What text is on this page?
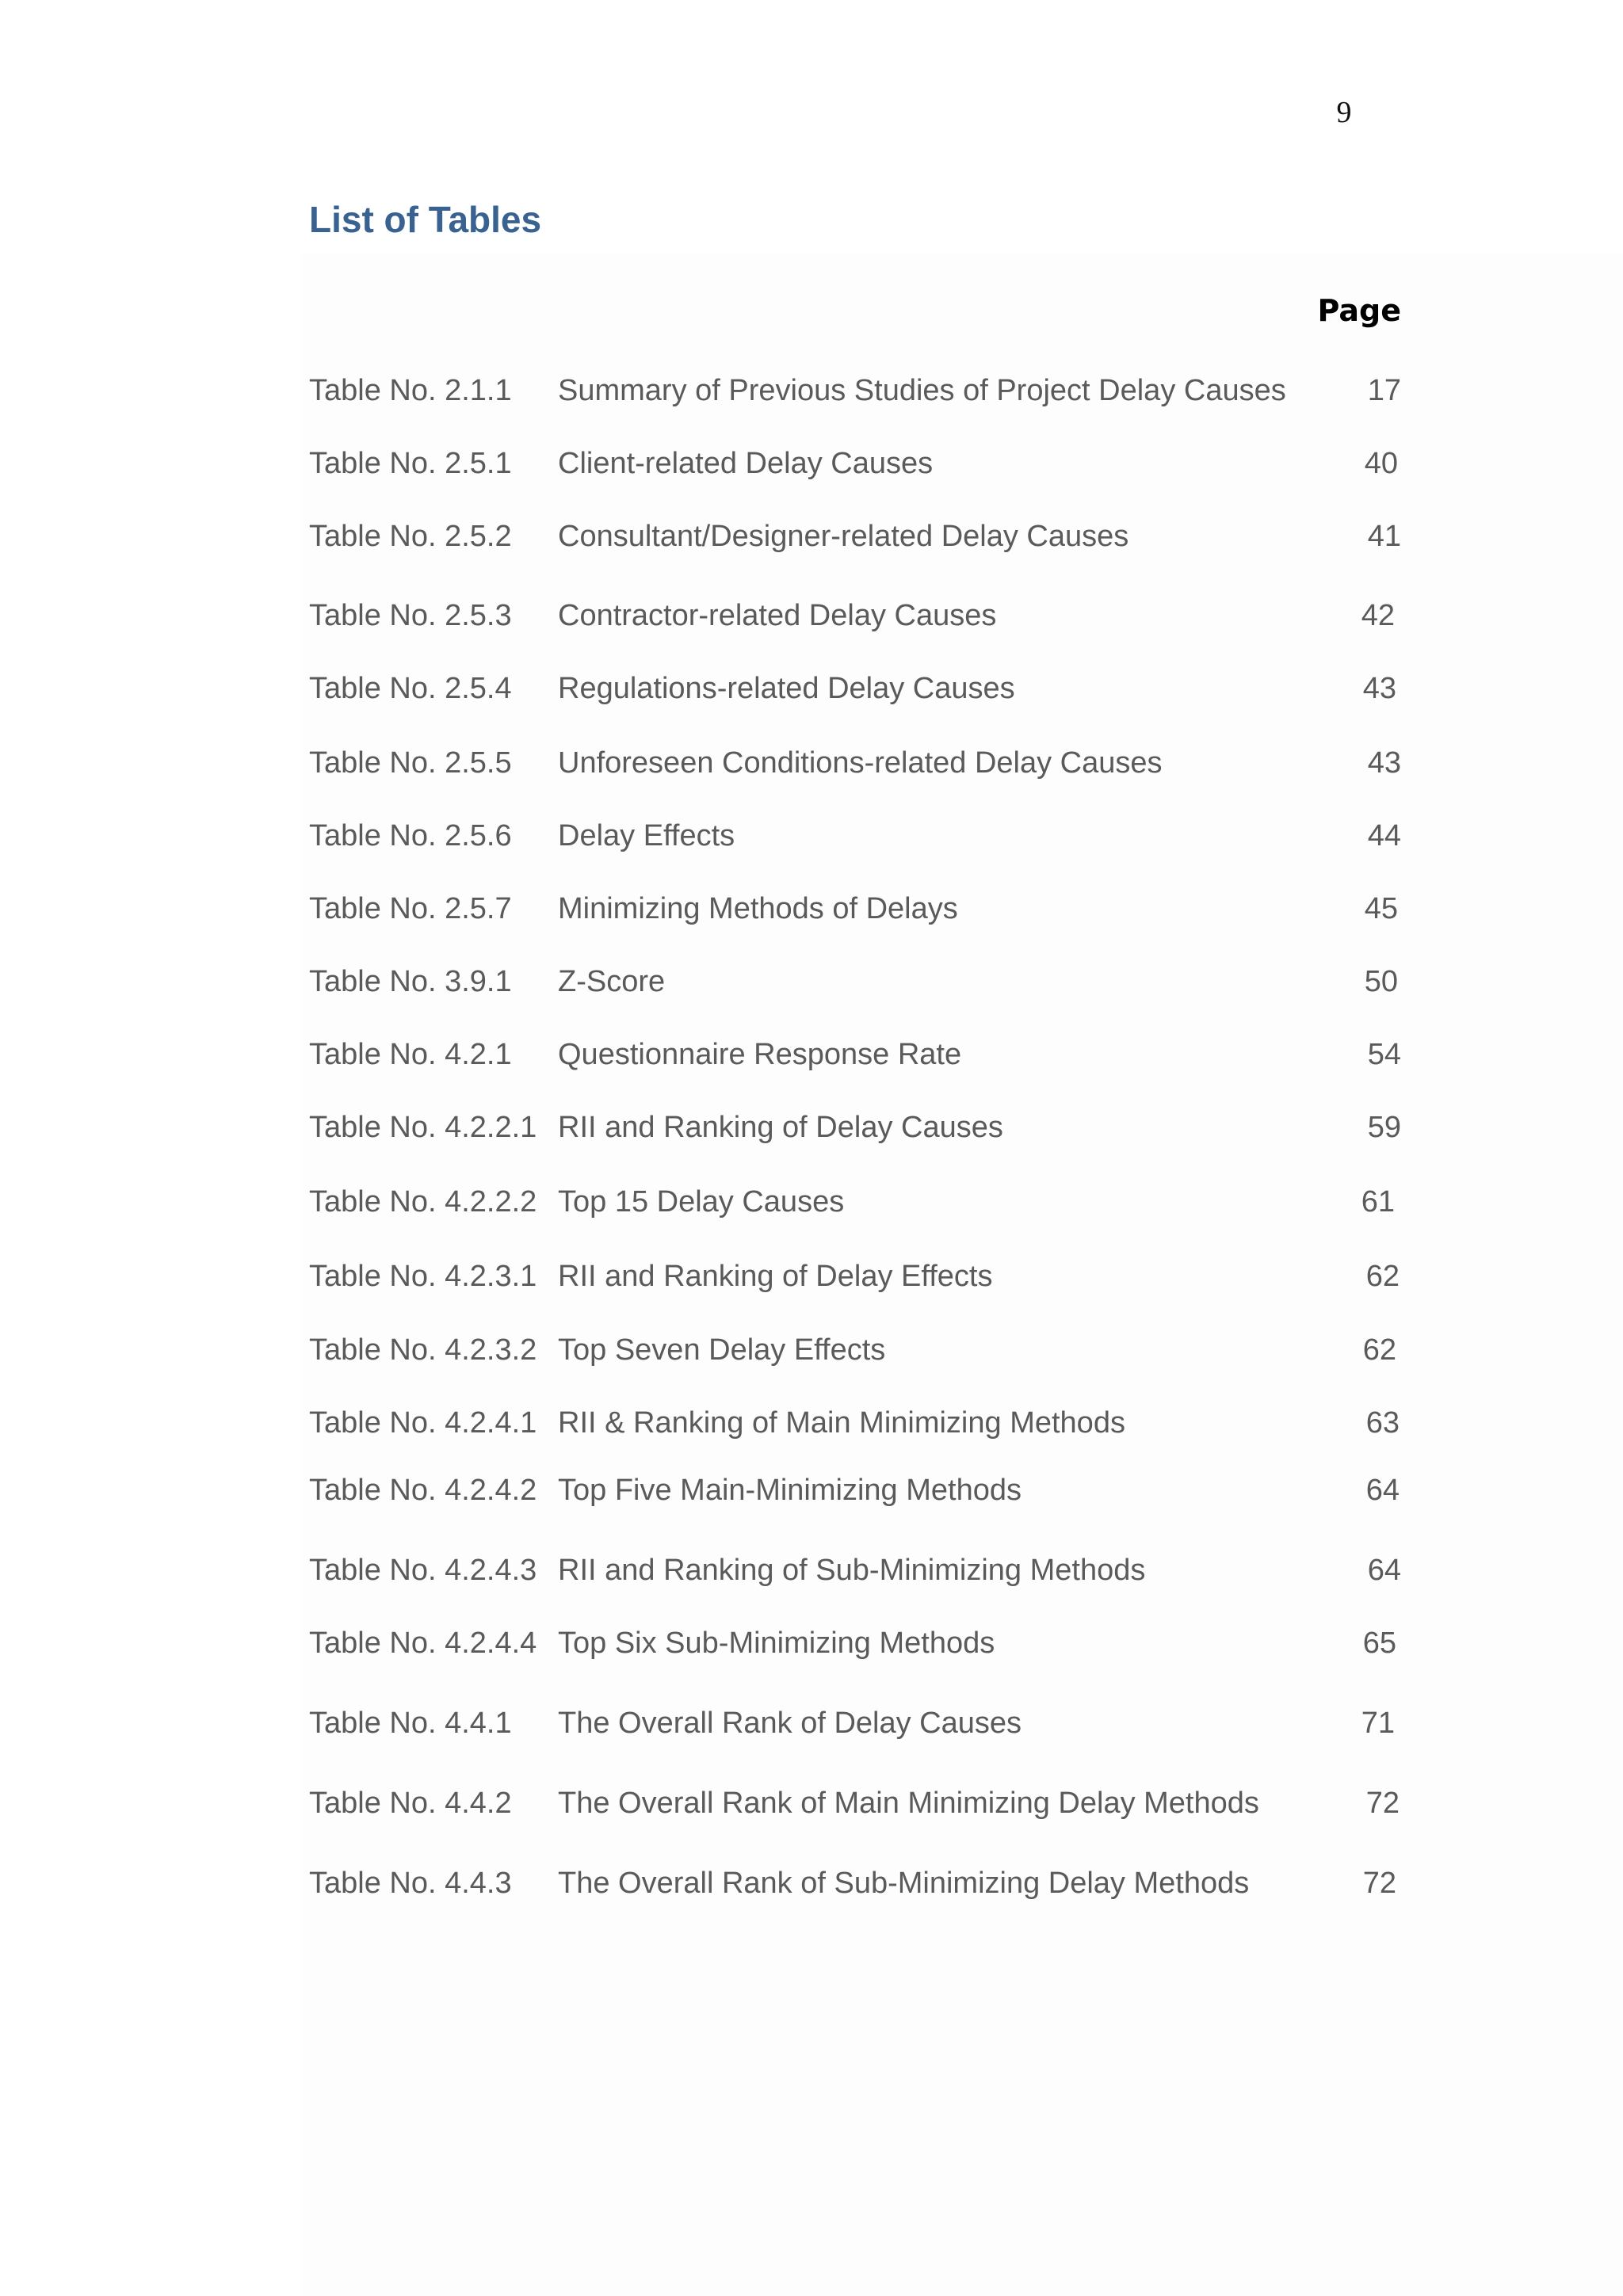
9
List of Tables
Page
Table No. 2.1.1 Summary of Previous Studies of Project Delay Causes	17
Table No. 2.5.1 Client-related Delay Causes	40
Table No. 2.5.2 Consultant/Designer-related Delay Causes	41
Table No. 2.5.3 Contractor-related Delay Causes	42
Table No. 2.5.4 Regulations-related Delay Causes	43
Table No. 2.5.5 Unforeseen Conditions-related Delay Causes	43
Table No. 2.5.6 Delay Effects	44
Table No. 2.5.7 Minimizing Methods of Delays	45
Table No. 3.9.1 Z-Score	50
Table No. 4.2.1 Questionnaire Response Rate	54
Table No. 4.2.2.1 RII and Ranking of Delay Causes	59
Table No. 4.2.2.2 Top 15 Delay Causes	61
Table No. 4.2.3.1 RII and Ranking of Delay Effects	62
Table No. 4.2.3.2 Top Seven Delay Effects	62
Table No. 4.2.4.1 RII & Ranking of Main Minimizing Methods	63
Table No. 4.2.4.2 Top Five Main-Minimizing Methods	64
Table No. 4.2.4.3 RII and Ranking of Sub-Minimizing Methods	64
Table No. 4.2.4.4 Top Six Sub-Minimizing Methods	65
Table No. 4.4.1 The Overall Rank of Delay Causes	71
Table No. 4.4.2 The Overall Rank of Main Minimizing Delay Methods	72
Table No. 4.4.3 The Overall Rank of Sub-Minimizing Delay Methods	72
